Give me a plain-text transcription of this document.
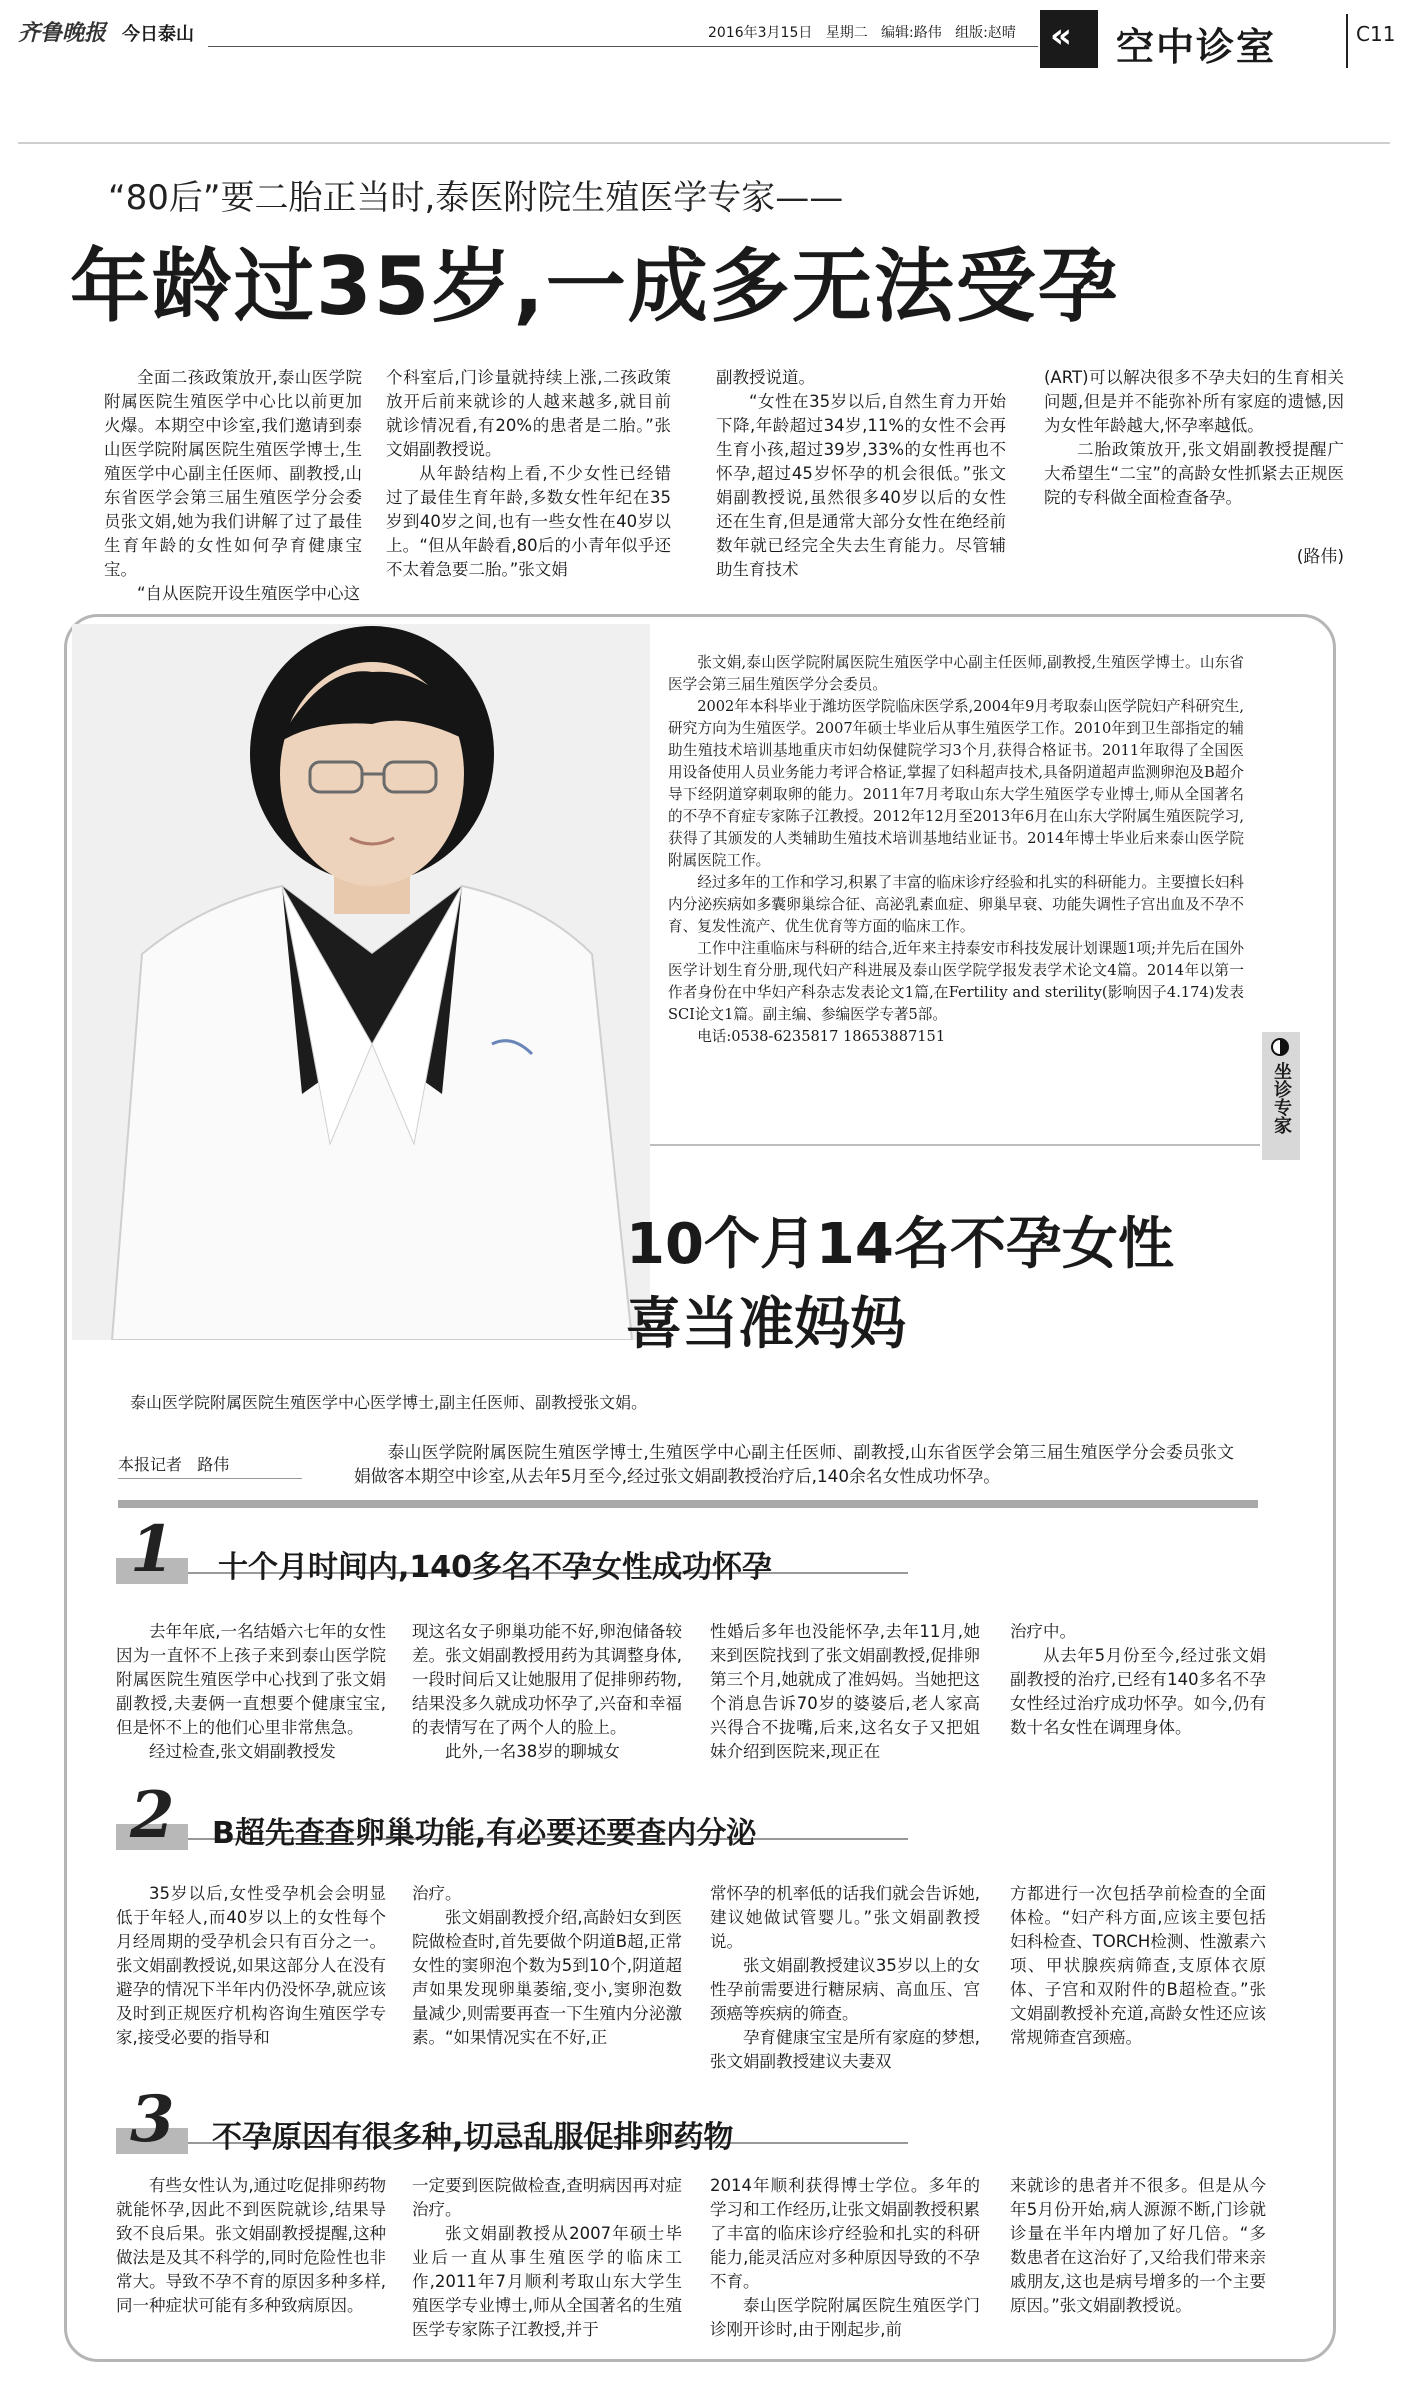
齐鲁晚报 今日泰山	2016年3月15日   星期二   编辑:路伟   组版:赵晴 « 空中诊室	C11
“80后”要二胎正当时,泰医附院生殖医学专家——
年龄过35岁,一成多无法受孕

全面二孩政策放开,泰山医学院附属医院生殖医学中心比以前更加火爆。本期空中诊室,我们邀请到泰山医学院附属医院生殖医学博士,生殖医学中心副主任医师、副教授,山东省医学会第三届生殖医学分会委员张文娟,她为我们讲解了过了最佳生育年龄的女性如何孕育健康宝宝。

“自从医院开设生殖医学中心这

个科室后,门诊量就持续上涨,二孩政策放开后前来就诊的人越来越多,就目前就诊情况看,有20%的患者是二胎。”张文娟副教授说。

从年龄结构上看,不少女性已经错过了最佳生育年龄,多数女性年纪在35岁到40岁之间,也有一些女性在40岁以上。“但从年龄看,80后的小青年似乎还不太着急要二胎。”张文娟

副教授说道。

“女性在35岁以后,自然生育力开始下降,年龄超过34岁,11%的女性不会再生育小孩,超过39岁,33%的女性再也不怀孕,超过45岁怀孕的机会很低。”张文娟副教授说,虽然很多40岁以后的女性还在生育,但是通常大部分女性在绝经前数年就已经完全失去生育能力。尽管辅助生育技术

(ART)可以解决很多不孕夫妇的生育相关问题,但是并不能弥补所有家庭的遗憾,因为女性年龄越大,怀孕率越低。

二胎政策放开,张文娟副教授提醒广大希望生“二宝”的高龄女性抓紧去正规医院的专科做全面检查备孕。

(路伟)

张文娟,泰山医学院附属医院生殖医学中心副主任医师,副教授,生殖医学博士。山东省医学会第三届生殖医学分会委员。

2002年本科毕业于潍坊医学院临床医学系,2004年9月考取泰山医学院妇产科研究生,研究方向为生殖医学。2007年硕士毕业后从事生殖医学工作。2010年到卫生部指定的辅助生殖技术培训基地重庆市妇幼保健院学习3个月,获得合格证书。2011年取得了全国医用设备使用人员业务能力考评合格证,掌握了妇科超声技术,具备阴道超声监测卵泡及B超介导下经阴道穿刺取卵的能力。2011年7月考取山东大学生殖医学专业博士,师从全国著名的不孕不育症专家陈子江教授。2012年12月至2013年6月在山东大学附属生殖医院学习,获得了其颁发的人类辅助生殖技术培训基地结业证书。2014年博士毕业后来泰山医学院附属医院工作。

经过多年的工作和学习,积累了丰富的临床诊疗经验和扎实的科研能力。主要擅长妇科内分泌疾病如多囊卵巢综合征、高泌乳素血症、卵巢早衰、功能失调性子宫出血及不孕不育、复发性流产、优生优育等方面的临床工作。

工作中注重临床与科研的结合,近年来主持泰安市科技发展计划课题1项;并先后在国外医学计划生育分册,现代妇产科进展及泰山医学院学报发表学术论文4篇。2014年以第一作者身份在中华妇产科杂志发表论文1篇,在Fertility and sterility(影响因子4.174)发表SCI论文1篇。副主编、参编医学专著5部。

电话:0538-6235817 18653887151

坐诊专家
10个月14名不孕女性
喜当准妈妈
泰山医学院附属医院生殖医学中心医学博士,副主任医师、副教授张文娟。
本报记者   路伟

泰山医学院附属医院生殖医学博士,生殖医学中心副主任医师、副教授,山东省医学会第三届生殖医学分会委员张文娟做客本期空中诊室,从去年5月至今,经过张文娟副教授治疗后,140余名女性成功怀孕。

1 十个月时间内,140多名不孕女性成功怀孕

去年年底,一名结婚六七年的女性因为一直怀不上孩子来到泰山医学院附属医院生殖医学中心找到了张文娟副教授,夫妻俩一直想要个健康宝宝,但是怀不上的他们心里非常焦急。

经过检查,张文娟副教授发

现这名女子卵巢功能不好,卵泡储备较差。张文娟副教授用药为其调整身体,一段时间后又让她服用了促排卵药物,结果没多久就成功怀孕了,兴奋和幸福的表情写在了两个人的脸上。

此外,一名38岁的聊城女

性婚后多年也没能怀孕,去年11月,她来到医院找到了张文娟副教授,促排卵第三个月,她就成了准妈妈。当她把这个消息告诉70岁的婆婆后,老人家高兴得合不拢嘴,后来,这名女子又把姐妹介绍到医院来,现正在

治疗中。

从去年5月份至今,经过张文娟副教授的治疗,已经有140多名不孕女性经过治疗成功怀孕。如今,仍有数十名女性在调理身体。

2 B超先查查卵巢功能,有必要还要查内分泌

35岁以后,女性受孕机会会明显低于年轻人,而40岁以上的女性每个月经周期的受孕机会只有百分之一。张文娟副教授说,如果这部分人在没有避孕的情况下半年内仍没怀孕,就应该及时到正规医疗机构咨询生殖医学专家,接受必要的指导和

治疗。

张文娟副教授介绍,高龄妇女到医院做检查时,首先要做个阴道B超,正常女性的窦卵泡个数为5到10个,阴道超声如果发现卵巢萎缩,变小,窦卵泡数量减少,则需要再查一下生殖内分泌激素。“如果情况实在不好,正

常怀孕的机率低的话我们就会告诉她,建议她做试管婴儿。”张文娟副教授说。

张文娟副教授建议35岁以上的女性孕前需要进行糖尿病、高血压、宫颈癌等疾病的筛查。

孕育健康宝宝是所有家庭的梦想,张文娟副教授建议夫妻双

方都进行一次包括孕前检查的全面体检。“妇产科方面,应该主要包括妇科检查、TORCH检测、性激素六项、甲状腺疾病筛查,支原体衣原体、子宫和双附件的B超检查。”张文娟副教授补充道,高龄女性还应该常规筛查宫颈癌。

3 不孕原因有很多种,切忌乱服促排卵药物

有些女性认为,通过吃促排卵药物就能怀孕,因此不到医院就诊,结果导致不良后果。张文娟副教授提醒,这种做法是及其不科学的,同时危险性也非常大。导致不孕不育的原因多种多样,同一种症状可能有多种致病原因。

一定要到医院做检查,查明病因再对症治疗。

张文娟副教授从2007年硕士毕业后一直从事生殖医学的临床工作,2011年7月顺利考取山东大学生殖医学专业博士,师从全国著名的生殖医学专家陈子江教授,并于

2014年顺利获得博士学位。多年的学习和工作经历,让张文娟副教授积累了丰富的临床诊疗经验和扎实的科研能力,能灵活应对多种原因导致的不孕不育。

泰山医学院附属医院生殖医学门诊刚开诊时,由于刚起步,前

来就诊的患者并不很多。但是从今年5月份开始,病人源源不断,门诊就诊量在半年内增加了好几倍。“多数患者在这治好了,又给我们带来亲戚朋友,这也是病号增多的一个主要原因。”张文娟副教授说。
